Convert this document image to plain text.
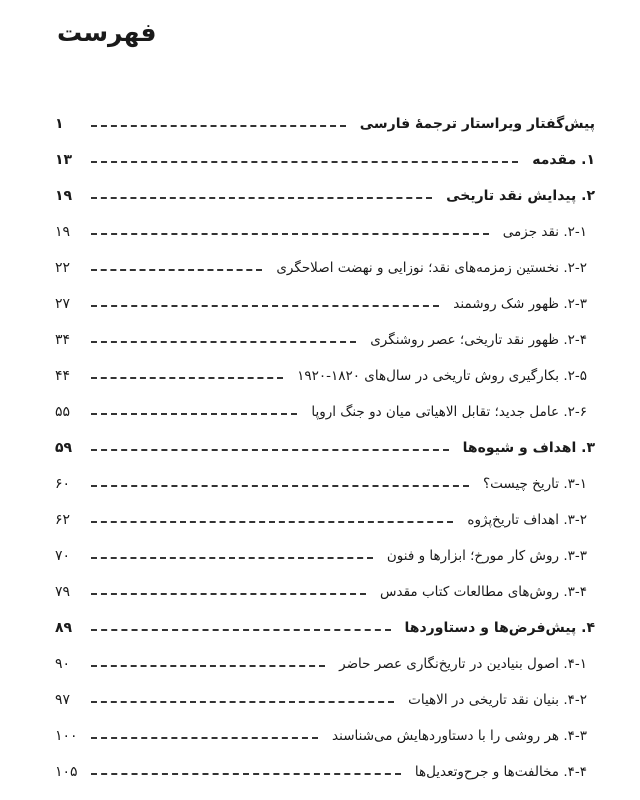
فهرست
پیش‌گفتار ویراستار ترجمهٔ فارسی
۱
۱. مقدمه
۱۳
۲. پیدایش نقد تاریخی
۱۹
۲-۱. نقد جزمی
۱۹
۲-۲. نخستین زمزمه‌های نقد؛ نوزایی و نهضت اصلاحگری
۲۲
۲-۳. ظهور شک روشمند
۲۷
۲-۴. ظهور نقد تاریخی؛ عصر روشنگری
۳۴
۲-۵. بکارگیری روش تاریخی در سال‌های ۱۸۲۰-۱۹۲۰
۴۴
۲-۶. عامل جدید؛ تقابل الاهیاتی میان دو جنگ اروپا
۵۵
۳. اهداف و شیوه‌ها
۵۹
۳-۱. تاریخ چیست؟
۶۰
۳-۲. اهداف تاریخ‌پژوه
۶۲
۳-۳. روش کار مورخ؛ ابزارها و فنون
۷۰
۳-۴. روش‌های مطالعات کتاب مقدس
۷۹
۴. پیش‌فرض‌ها و دستاوردها
۸۹
۴-۱. اصول بنیادین در تاریخ‌نگاری عصر حاضر
۹۰
۴-۲. بنیان نقد تاریخی در الاهیات
۹۷
۴-۳. هر روشی را با دستاوردهایش می‌شناسند
۱۰۰
۴-۴. مخالفت‌ها و جرح‌وتعدیل‌ها
۱۰۵
